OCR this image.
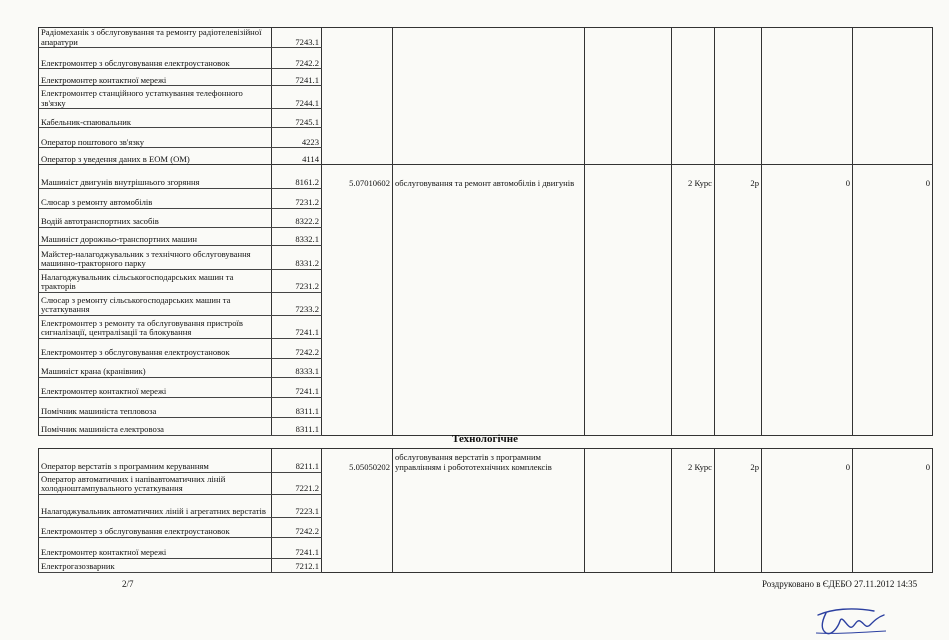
Радіомеханік з обслуговування та ремонту радіотелевізійної апаратури	7243.1							
Електромонтер з обслуговування електроустановок	7242.2							
Електромонтер контактної мережі	7241.1							
Електромонтер станційного устаткування телефонного зв'язку	7244.1							
Кабельник-спаювальник	7245.1							
Оператор поштового зв'язку	4223							
Оператор з уведення даних в ЕОМ (ОМ)	4114							
Машиніст двигунів внутрішнього згоряння	8161.2	5.07010602	обслуговування та ремонт автомобілів і двигунів		2 Курс	2р	0	0
Слюсар з ремонту автомобілів	7231.2							
Водій автотранспортних засобів	8322.2							
Машиніст дорожньо-транспортних машин	8332.1							
Майстер-налагоджувальник з технічного обслуговування машинно-тракторного парку	8331.2							
Налагоджувальник сільськогосподарських машин та тракторів	7231.2							
Слюсар з ремонту сільськогосподарських машин та устаткування	7233.2							
Електромонтер з ремонту та обслуговування пристроїв сигналізації, централізації та блокування	7241.1							
Електромонтер з обслуговування електроустановок	7242.2							
Машиніст крана (кранівник)	8333.1							
Електромонтер контактної мережі	7241.1							
Помічник машиніста тепловоза	8311.1							
Помічник машиніста електровоза	8311.1							
Технологічне
Оператор верстатів з програмним керуванням	8211.1	5.05050202	обслуговування верстатів з програмним управлінням і робототехнічних комплексів		2 Курс	2р	0	0
Оператор автоматичних і напівавтоматичних ліній холодноштампувального устаткування	7221.2							
Налагоджувальник автоматичних ліній і агрегатних верстатів	7223.1							
Електромонтер з обслуговування електроустановок	7242.2							
Електромонтер контактної мережі	7241.1							
Електрогазозварник	7212.1							
2/7	Роздруковано в ЄДЕБО 27.11.2012 14:35
